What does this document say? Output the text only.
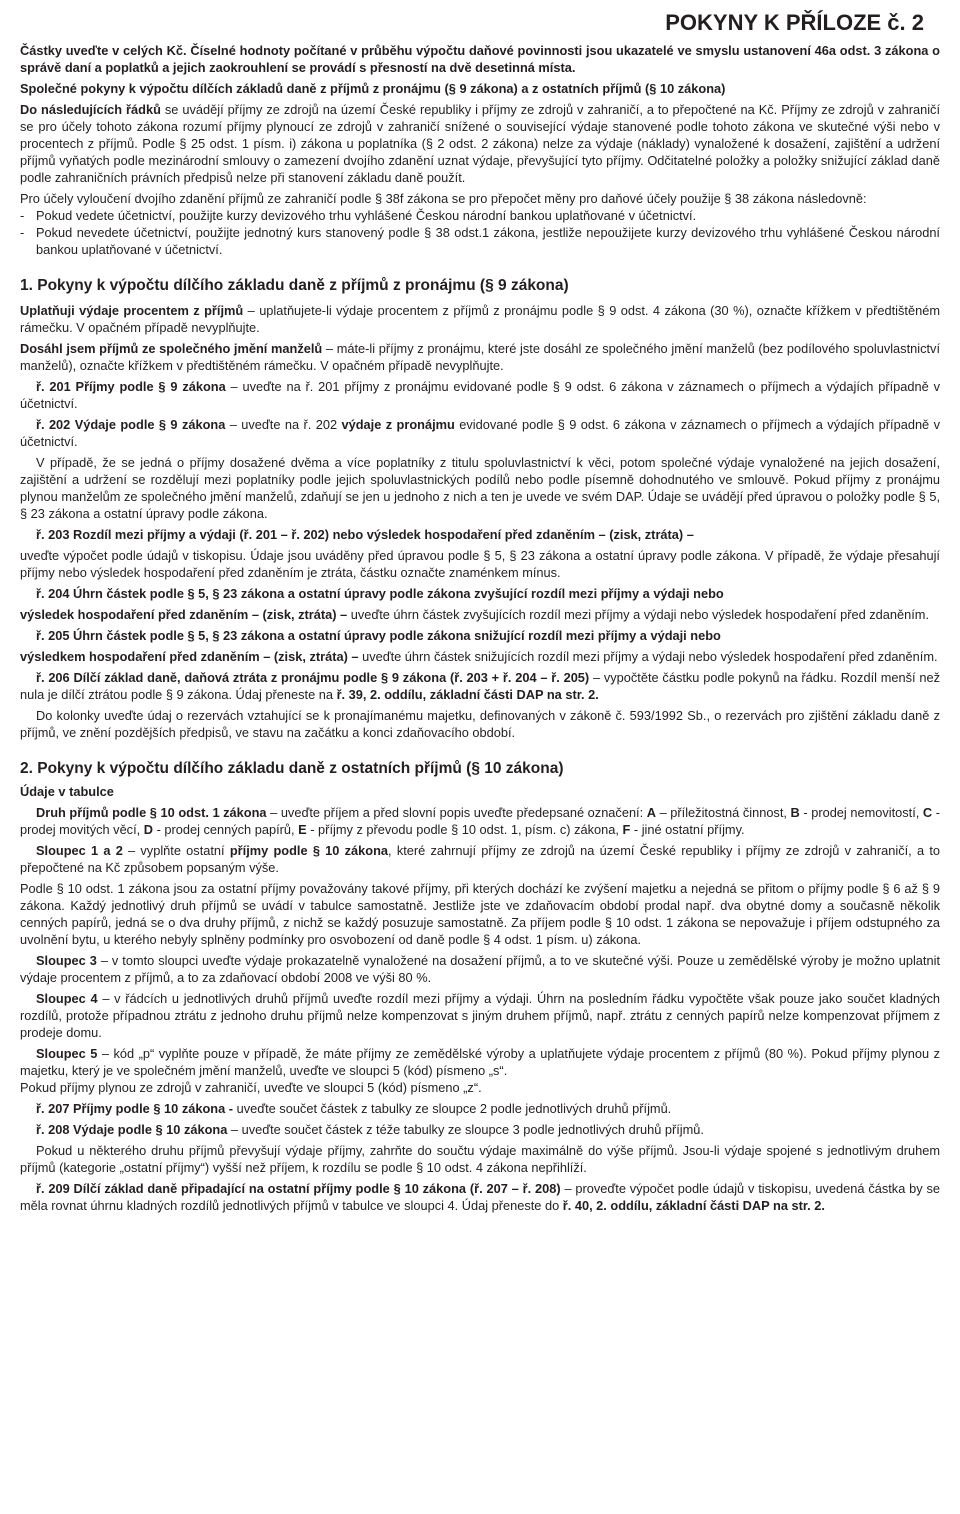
POKYNY K PŘÍLOZE č. 2

Částky uveďte v celých Kč. Číselné hodnoty počítané v průběhu výpočtu daňové povinnosti jsou ukazatelé ve smyslu ustanovení 46a odst. 3 zákona o správě daní a poplatků a jejich zaokrouhlení se provádí s přesností na dvě desetinná místa.

Společné pokyny k výpočtu dílčích základů daně z příjmů z pronájmu (§ 9 zákona) a z ostatních příjmů (§ 10 zákona)

Do následujících řádků se uvádějí příjmy ze zdrojů na území České republiky i příjmy ze zdrojů v zahraničí, a to přepočtené na Kč. Příjmy ze zdrojů v zahraničí se pro účely tohoto zákona rozumí příjmy plynoucí ze zdrojů v zahraničí snížené o související výdaje stanovené podle tohoto zákona ve skutečné výši nebo v procentech z příjmů. Podle § 25 odst. 1 písm. i) zákona u poplatníka (§ 2 odst. 2 zákona) nelze za výdaje (náklady) vynaložené k dosažení, zajištění a udržení příjmů vyňatých podle mezinárodní smlouvy o zamezení dvojího zdanění uznat výdaje, převyšující tyto příjmy. Odčitatelné položky a položky snižující základ daně podle zahraničních právních předpisů nelze při stanovení základu daně použít.

Pro účely vyloučení dvojího zdanění příjmů ze zahraničí podle § 38f zákona se pro přepočet měny pro daňové účely použije § 38 zákona následovně:

- Pokud vedete účetnictví, použijte kurzy devizového trhu vyhlášené Českou národní bankou uplatňované v účetnictví.
- Pokud nevedete účetnictví, použijte jednotný kurs stanovený podle § 38 odst.1 zákona, jestliže nepoužijete kurzy devizového trhu vyhlášené Českou národní bankou uplatňované v účetnictví.
1. Pokyny k výpočtu dílčího základu daně z příjmů z pronájmu (§ 9 zákona)

Uplatňuji výdaje procentem z příjmů – uplatňujete-li výdaje procentem z příjmů z pronájmu podle § 9 odst. 4 zákona (30 %), označte křížkem v předtištěném rámečku. V opačném případě nevyplňujte.

Dosáhl jsem příjmů ze společného jmění manželů – máte-li příjmy z pronájmu, které jste dosáhl ze společného jmění manželů (bez podílového spoluvlastnictví manželů), označte křížkem v předtištěném rámečku. V opačném případě nevyplňujte.

ř. 201 Příjmy podle § 9 zákona – uveďte na ř. 201 příjmy z pronájmu evidované podle § 9 odst. 6 zákona v záznamech o příjmech a výdajích případně v účetnictví.

ř. 202 Výdaje podle § 9 zákona – uveďte na ř. 202 výdaje z pronájmu evidované podle § 9 odst. 6 zákona v záznamech o příjmech a výdajích případně v účetnictví.

V případě, že se jedná o příjmy dosažené dvěma a více poplatníky z titulu spoluvlastnictví k věci, potom společné výdaje vynaložené na jejich dosažení, zajištění a udržení se rozdělují mezi poplatníky podle jejich spoluvlastnických podílů nebo podle písemně dohodnutého ve smlouvě. Pokud příjmy z pronájmu plynou manželům ze společného jmění manželů, zdaňují se jen u jednoho z nich a ten je uvede ve svém DAP. Údaje se uvádějí před úpravou o položky podle § 5, § 23 zákona a ostatní úpravy podle zákona.

ř. 203 Rozdíl mezi příjmy a výdaji (ř. 201 – ř. 202) nebo výsledek hospodaření před zdaněním – (zisk, ztráta) –

uveďte výpočet podle údajů v tiskopisu. Údaje jsou uváděny před úpravou podle § 5, § 23 zákona a ostatní úpravy podle zákona. V případě, že výdaje přesahují příjmy nebo výsledek hospodaření před zdaněním je ztráta, částku označte znaménkem mínus.

ř. 204 Úhrn částek podle § 5, § 23 zákona a ostatní úpravy podle zákona zvyšující rozdíl mezi příjmy a výdaji nebo

výsledek hospodaření před zdaněním – (zisk, ztráta) – uveďte úhrn částek zvyšujících rozdíl mezi příjmy a výdaji nebo výsledek hospodaření před zdaněním.

ř. 205 Úhrn částek podle § 5, § 23 zákona a ostatní úpravy podle zákona snižující rozdíl mezi příjmy a výdaji nebo

výsledkem hospodaření před zdaněním – (zisk, ztráta) – uveďte úhrn částek snižujících rozdíl mezi příjmy a výdaji nebo výsledek hospodaření před zdaněním.

ř. 206 Dílčí základ daně, daňová ztráta z pronájmu podle § 9 zákona (ř. 203 + ř. 204 – ř. 205) – vypočtěte částku podle pokynů na řádku. Rozdíl menší než nula je dílčí ztrátou podle § 9 zákona. Údaj přeneste na ř. 39, 2. oddílu, základní části DAP na str. 2.

Do kolonky uveďte údaj o rezervách vztahující se k pronajímanému majetku, definovaných v zákoně č. 593/1992 Sb., o rezervách pro zjištění základu daně z příjmů, ve znění pozdějších předpisů, ve stavu na začátku a konci zdaňovacího období.

2. Pokyny k výpočtu dílčího základu daně z ostatních příjmů (§ 10 zákona)
Údaje v tabulce

Druh příjmů podle § 10 odst. 1 zákona – uveďte příjem a před slovní popis uveďte předepsané označení: A – příležitostná činnost, B - prodej nemovitostí, C - prodej movitých věcí, D - prodej cenných papírů, E - příjmy z převodu podle § 10 odst. 1, písm. c) zákona, F - jiné ostatní příjmy.

Sloupec 1 a 2 – vyplňte ostatní příjmy podle § 10 zákona, které zahrnují příjmy ze zdrojů na území České republiky i příjmy ze zdrojů v zahraničí, a to přepočtené na Kč způsobem popsaným výše.

Podle § 10 odst. 1 zákona jsou za ostatní příjmy považovány takové příjmy, při kterých dochází ke zvýšení majetku a nejedná se přitom o příjmy podle § 6 až § 9 zákona. Každý jednotlivý druh příjmů se uvádí v tabulce samostatně. Jestliže jste ve zdaňovacím období prodal např. dva obytné domy a současně několik cenných papírů, jedná se o dva druhy příjmů, z nichž se každý posuzuje samostatně. Za příjem podle § 10 odst. 1 zákona se nepovažuje i příjem odstupného za uvolnění bytu, u kterého nebyly splněny podmínky pro osvobození od daně podle § 4 odst. 1 písm. u) zákona.

Sloupec 3 – v tomto sloupci uveďte výdaje prokazatelně vynaložené na dosažení příjmů, a to ve skutečné výši. Pouze u zemědělské výroby je možno uplatnit výdaje procentem z příjmů, a to za zdaňovací období 2008 ve výši 80 %.

Sloupec 4 – v řádcích u jednotlivých druhů příjmů uveďte rozdíl mezi příjmy a výdaji. Úhrn na posledním řádku vypočtěte však pouze jako součet kladných rozdílů, protože případnou ztrátu z jednoho druhu příjmů nelze kompenzovat s jiným druhem příjmů, např. ztrátu z cenných papírů nelze kompenzovat příjmem z prodeje domu.

Sloupec 5 – kód „p“ vyplňte pouze v případě, že máte příjmy ze zemědělské výroby a uplatňujete výdaje procentem z příjmů (80 %). Pokud příjmy plynou z majetku, který je ve společném jmění manželů, uveďte ve sloupci 5 (kód) písmeno „s“.

Pokud příjmy plynou ze zdrojů v zahraničí, uveďte ve sloupci 5 (kód) písmeno „z“.

ř. 207 Příjmy podle § 10 zákona - uveďte součet částek z tabulky ze sloupce 2 podle jednotlivých druhů příjmů.

ř. 208 Výdaje podle § 10 zákona – uveďte součet částek z téže tabulky ze sloupce 3 podle jednotlivých druhů příjmů.

Pokud u některého druhu příjmů převyšují výdaje příjmy, zahrňte do součtu výdaje maximálně do výše příjmů. Jsou-li výdaje spojené s jednotlivým druhem příjmů (kategorie „ostatní příjmy“) vyšší než příjem, k rozdílu se podle § 10 odst. 4 zákona nepřihlíží.

ř. 209 Dílčí základ daně připadající na ostatní příjmy podle § 10 zákona (ř. 207 – ř. 208) – proveďte výpočet podle údajů v tiskopisu, uvedená částka by se měla rovnat úhrnu kladných rozdílů jednotlivých příjmů v tabulce ve sloupci 4. Údaj přeneste do ř. 40, 2. oddílu, základní části DAP na str. 2.
